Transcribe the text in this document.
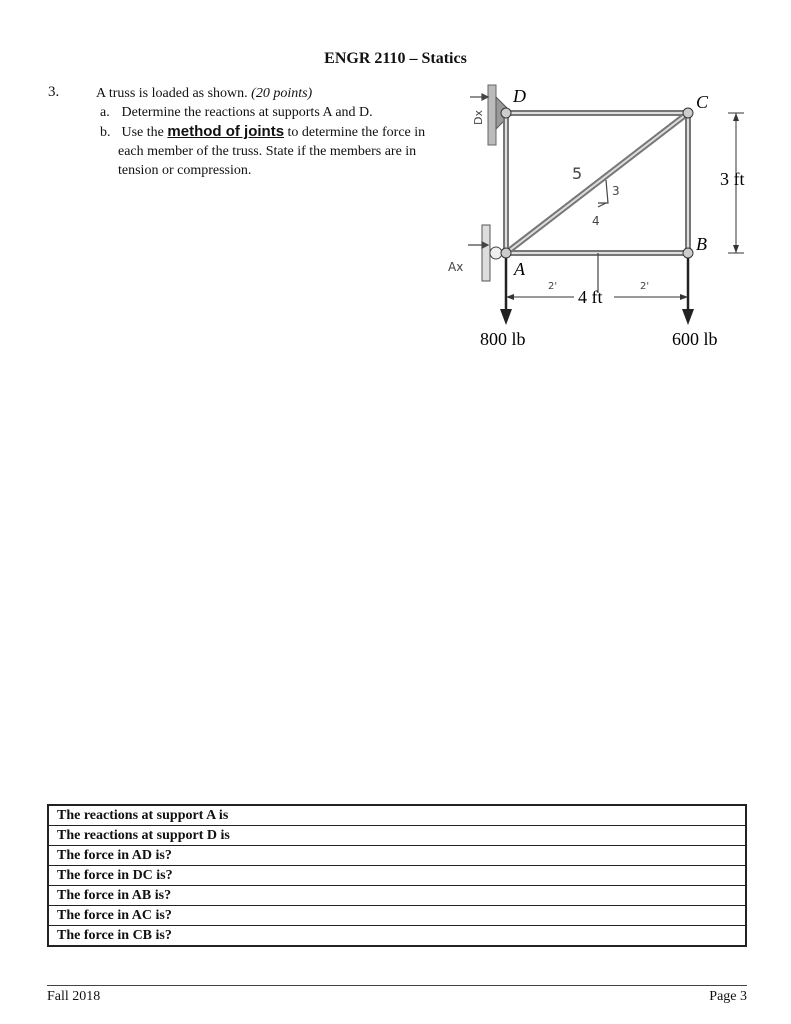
ENGR 2110 – Statics
3.	A truss is loaded as shown. (20 points)
a. Determine the reactions at supports A and D.
b. Use the method of joints to determine the force in
each member of the truss. State if the members are in tension or compression.
D	C
B
A
3 ft
4 ft
800 lb	600 lb
Dx
Ax
5
3
4
2'	2'
The reactions at support A is
The reactions at support D is
The force in AD is?
The force in DC is?
The force in AB is?
The force in AC is?
The force in CB is?
Fall 2018	Page 3
